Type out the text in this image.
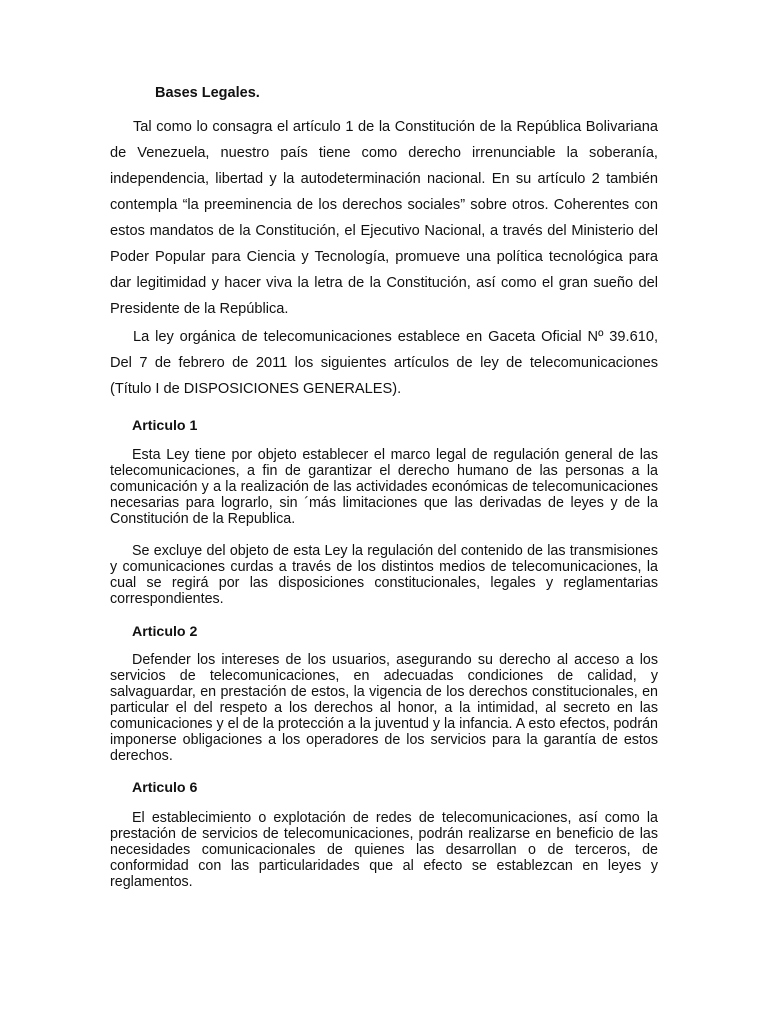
Bases Legales.

Tal como lo consagra el artículo 1 de la Constitución de la República Bolivariana de Venezuela, nuestro país tiene como derecho irrenunciable la soberanía, independencia, libertad y la autodeterminación nacional. En su artículo 2 también contempla “la preeminencia de los derechos sociales” sobre otros. Coherentes con estos mandatos de la Constitución, el Ejecutivo Nacional, a través del Ministerio del Poder Popular para Ciencia y Tecnología, promueve una política tecnológica para dar legitimidad y hacer viva la letra de la Constitución, así como el gran sueño del Presidente de la República.

La ley orgánica de telecomunicaciones establece en Gaceta Oficial Nº 39.610, Del 7 de febrero de 2011 los siguientes artículos de ley de telecomunicaciones (Título I de DISPOSICIONES GENERALES).

Articulo 1

Esta Ley tiene por objeto establecer el marco legal de regulación general de las telecomunicaciones, a fin de garantizar el derecho humano de las personas a la comunicación y a la realización de las actividades económicas de telecomunicaciones necesarias para lograrlo, sin ´más limitaciones que las derivadas de leyes y de la Constitución de la Republica.

Se excluye del objeto de esta Ley la regulación del contenido de las transmisiones y comunicaciones curdas a través de los distintos medios de telecomunicaciones, la cual se regirá por las disposiciones constitucionales, legales y reglamentarias correspondientes.

Articulo 2

Defender los intereses de los usuarios, asegurando su derecho al acceso a los servicios de telecomunicaciones, en adecuadas condiciones de calidad, y salvaguardar, en prestación de estos, la vigencia de los derechos constitucionales, en particular el del respeto a los derechos al honor, a la intimidad, al secreto en las comunicaciones y el de la protección a la juventud y la infancia. A esto efectos, podrán imponerse obligaciones a los operadores de los servicios para la garantía de estos derechos.

Articulo 6

El establecimiento o explotación de redes de telecomunicaciones, así como la prestación de servicios de telecomunicaciones, podrán realizarse en beneficio de las necesidades comunicacionales de quienes las desarrollan o de terceros, de conformidad con las particularidades que al efecto se establezcan en leyes y reglamentos.
